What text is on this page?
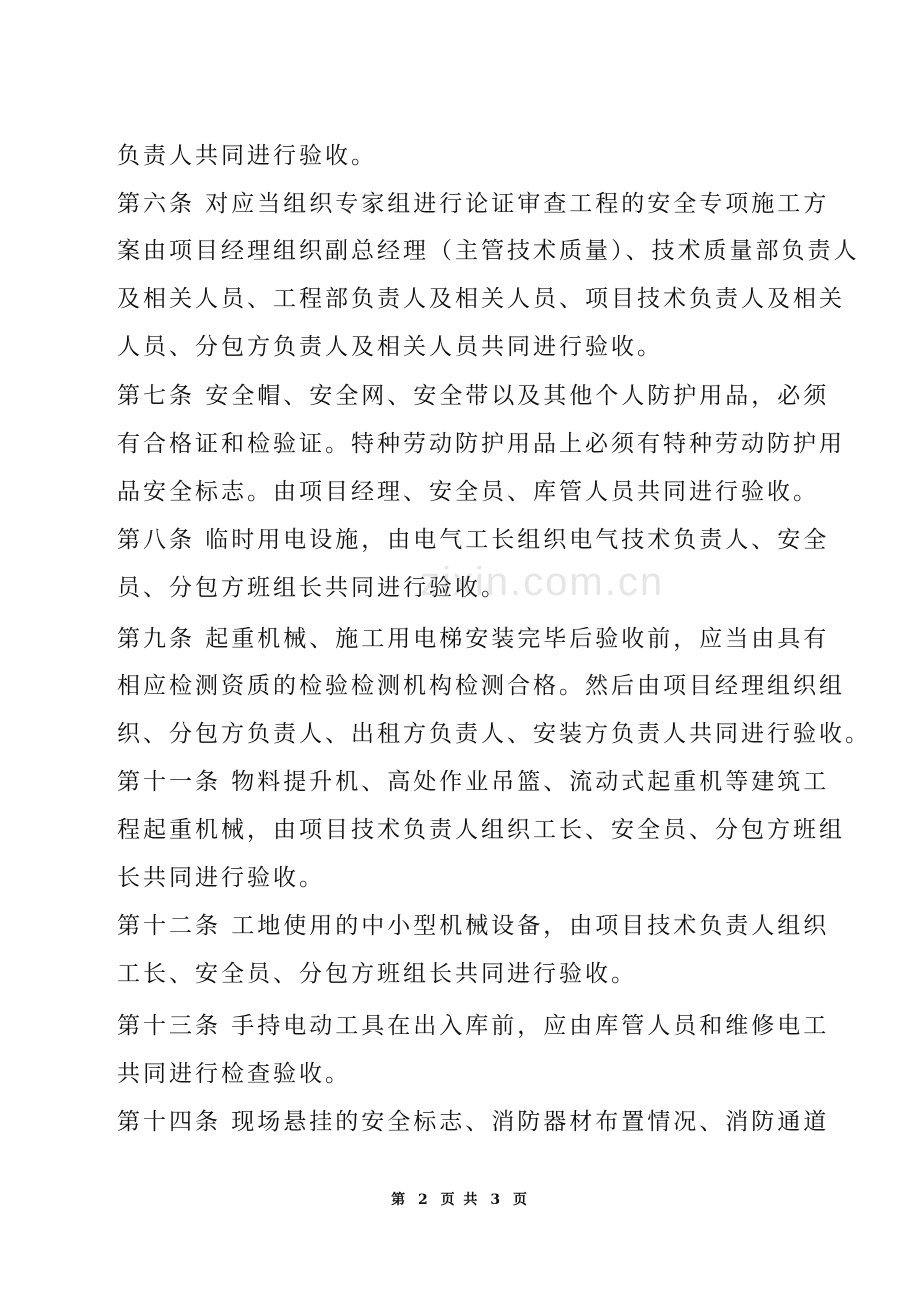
zixin.com.cn
负责人共同进行验收。
第六条 对应当组织专家组进行论证审查工程的安全专项施工方
案由项目经理组织副总经理（主管技术质量）、技术质量部负责人
及相关人员、工程部负责人及相关人员、项目技术负责人及相关
人员、分包方负责人及相关人员共同进行验收。
第七条 安全帽、安全网、安全带以及其他个人防护用品，必须
有合格证和检验证。特种劳动防护用品上必须有特种劳动防护用
品安全标志。由项目经理、安全员、库管人员共同进行验收。
第八条 临时用电设施，由电气工长组织电气技术负责人、安全
员、分包方班组长共同进行验收。
第九条 起重机械、施工用电梯安装完毕后验收前，应当由具有
相应检测资质的检验检测机构检测合格。然后由项目经理组织组
织、分包方负责人、出租方负责人、安装方负责人共同进行验收。
第十一条 物料提升机、高处作业吊篮、流动式起重机等建筑工
程起重机械，由项目技术负责人组织工长、安全员、分包方班组
长共同进行验收。
第十二条 工地使用的中小型机械设备，由项目技术负责人组织
工长、安全员、分包方班组长共同进行验收。
第十三条 手持电动工具在出入库前，应由库管人员和维修电工
共同进行检查验收。
第十四条 现场悬挂的安全标志、消防器材布置情况、消防通道
第 2 页 共 3 页
